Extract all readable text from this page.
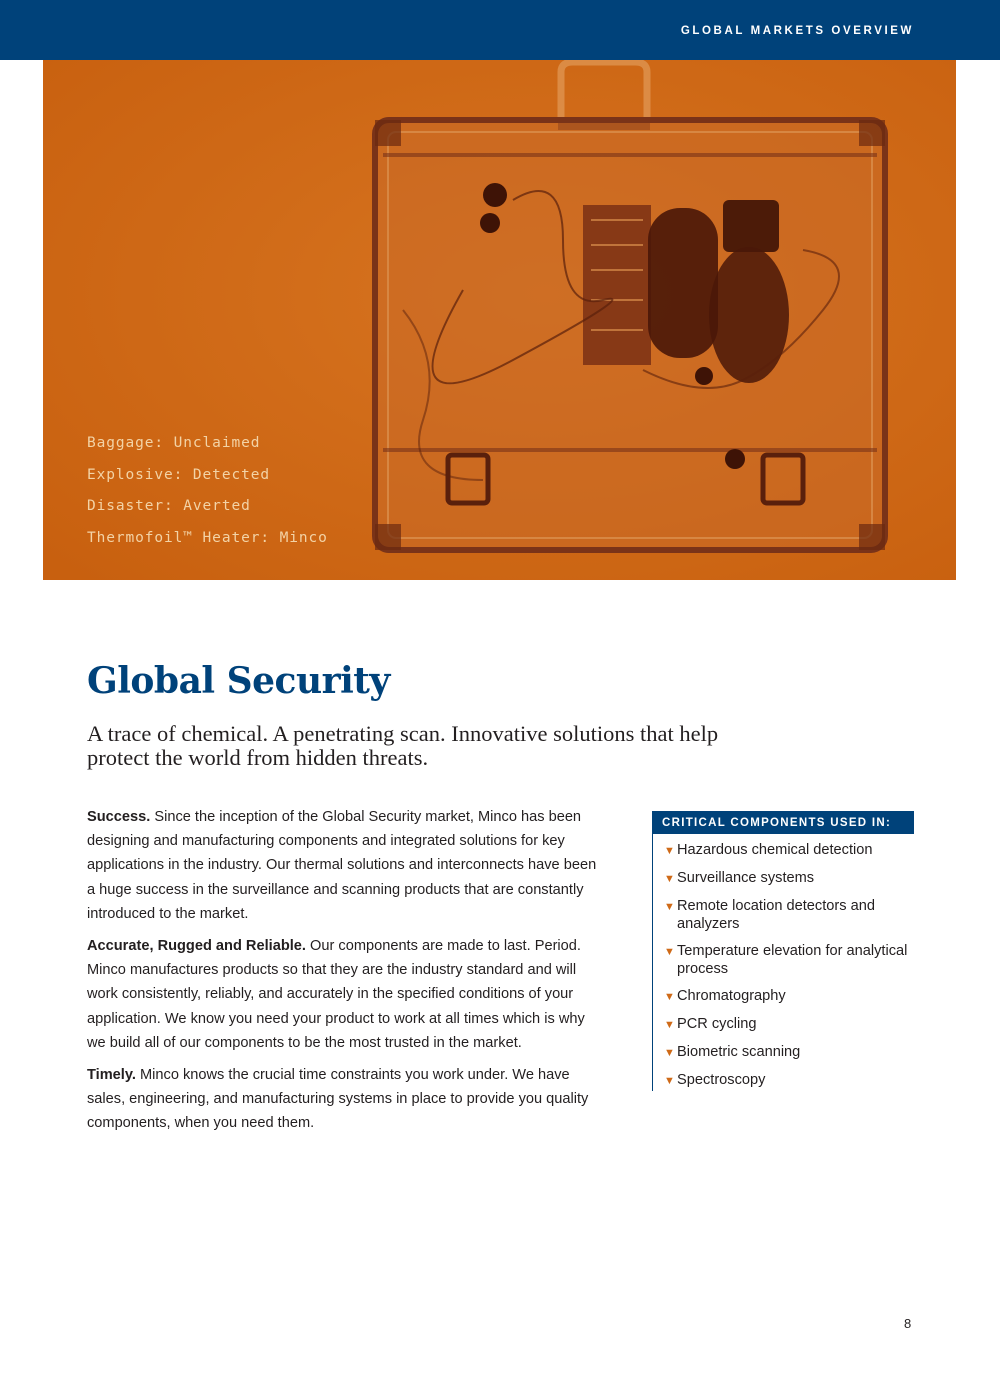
GLOBAL MARKETS OVERVIEW
Baggage: Unclaimed
Explosive: Detected
Disaster: Averted
Thermofoil™ Heater: Minco
Global Security
A trace of chemical. A penetrating scan. Innovative solutions that help protect the world from hidden threats.

Success. Since the inception of the Global Security market, Minco has been designing and manufacturing components and integrated solutions for key applications in the industry. Our thermal solutions and interconnects have been a huge success in the surveillance and scanning products that are constantly introduced to the market.

Accurate, Rugged and Reliable. Our components are made to last. Period. Minco manufactures products so that they are the industry standard and will work consistently, reliably, and accurately in the specified conditions of your application. We know you need your product to work at all times which is why we build all of our components to be the most trusted in the market.

Timely. Minco knows the crucial time constraints you work under. We have sales, engineering, and manufacturing systems in place to provide you quality components, when you need them.

CRITICAL COMPONENTS USED IN:
▼ Hazardous chemical detection
▼ Surveillance systems
▼ Remote location detectors and analyzers
▼ Temperature elevation for analytical process
▼ Chromatography
▼ PCR cycling
▼ Biometric scanning
▼ Spectroscopy
8
